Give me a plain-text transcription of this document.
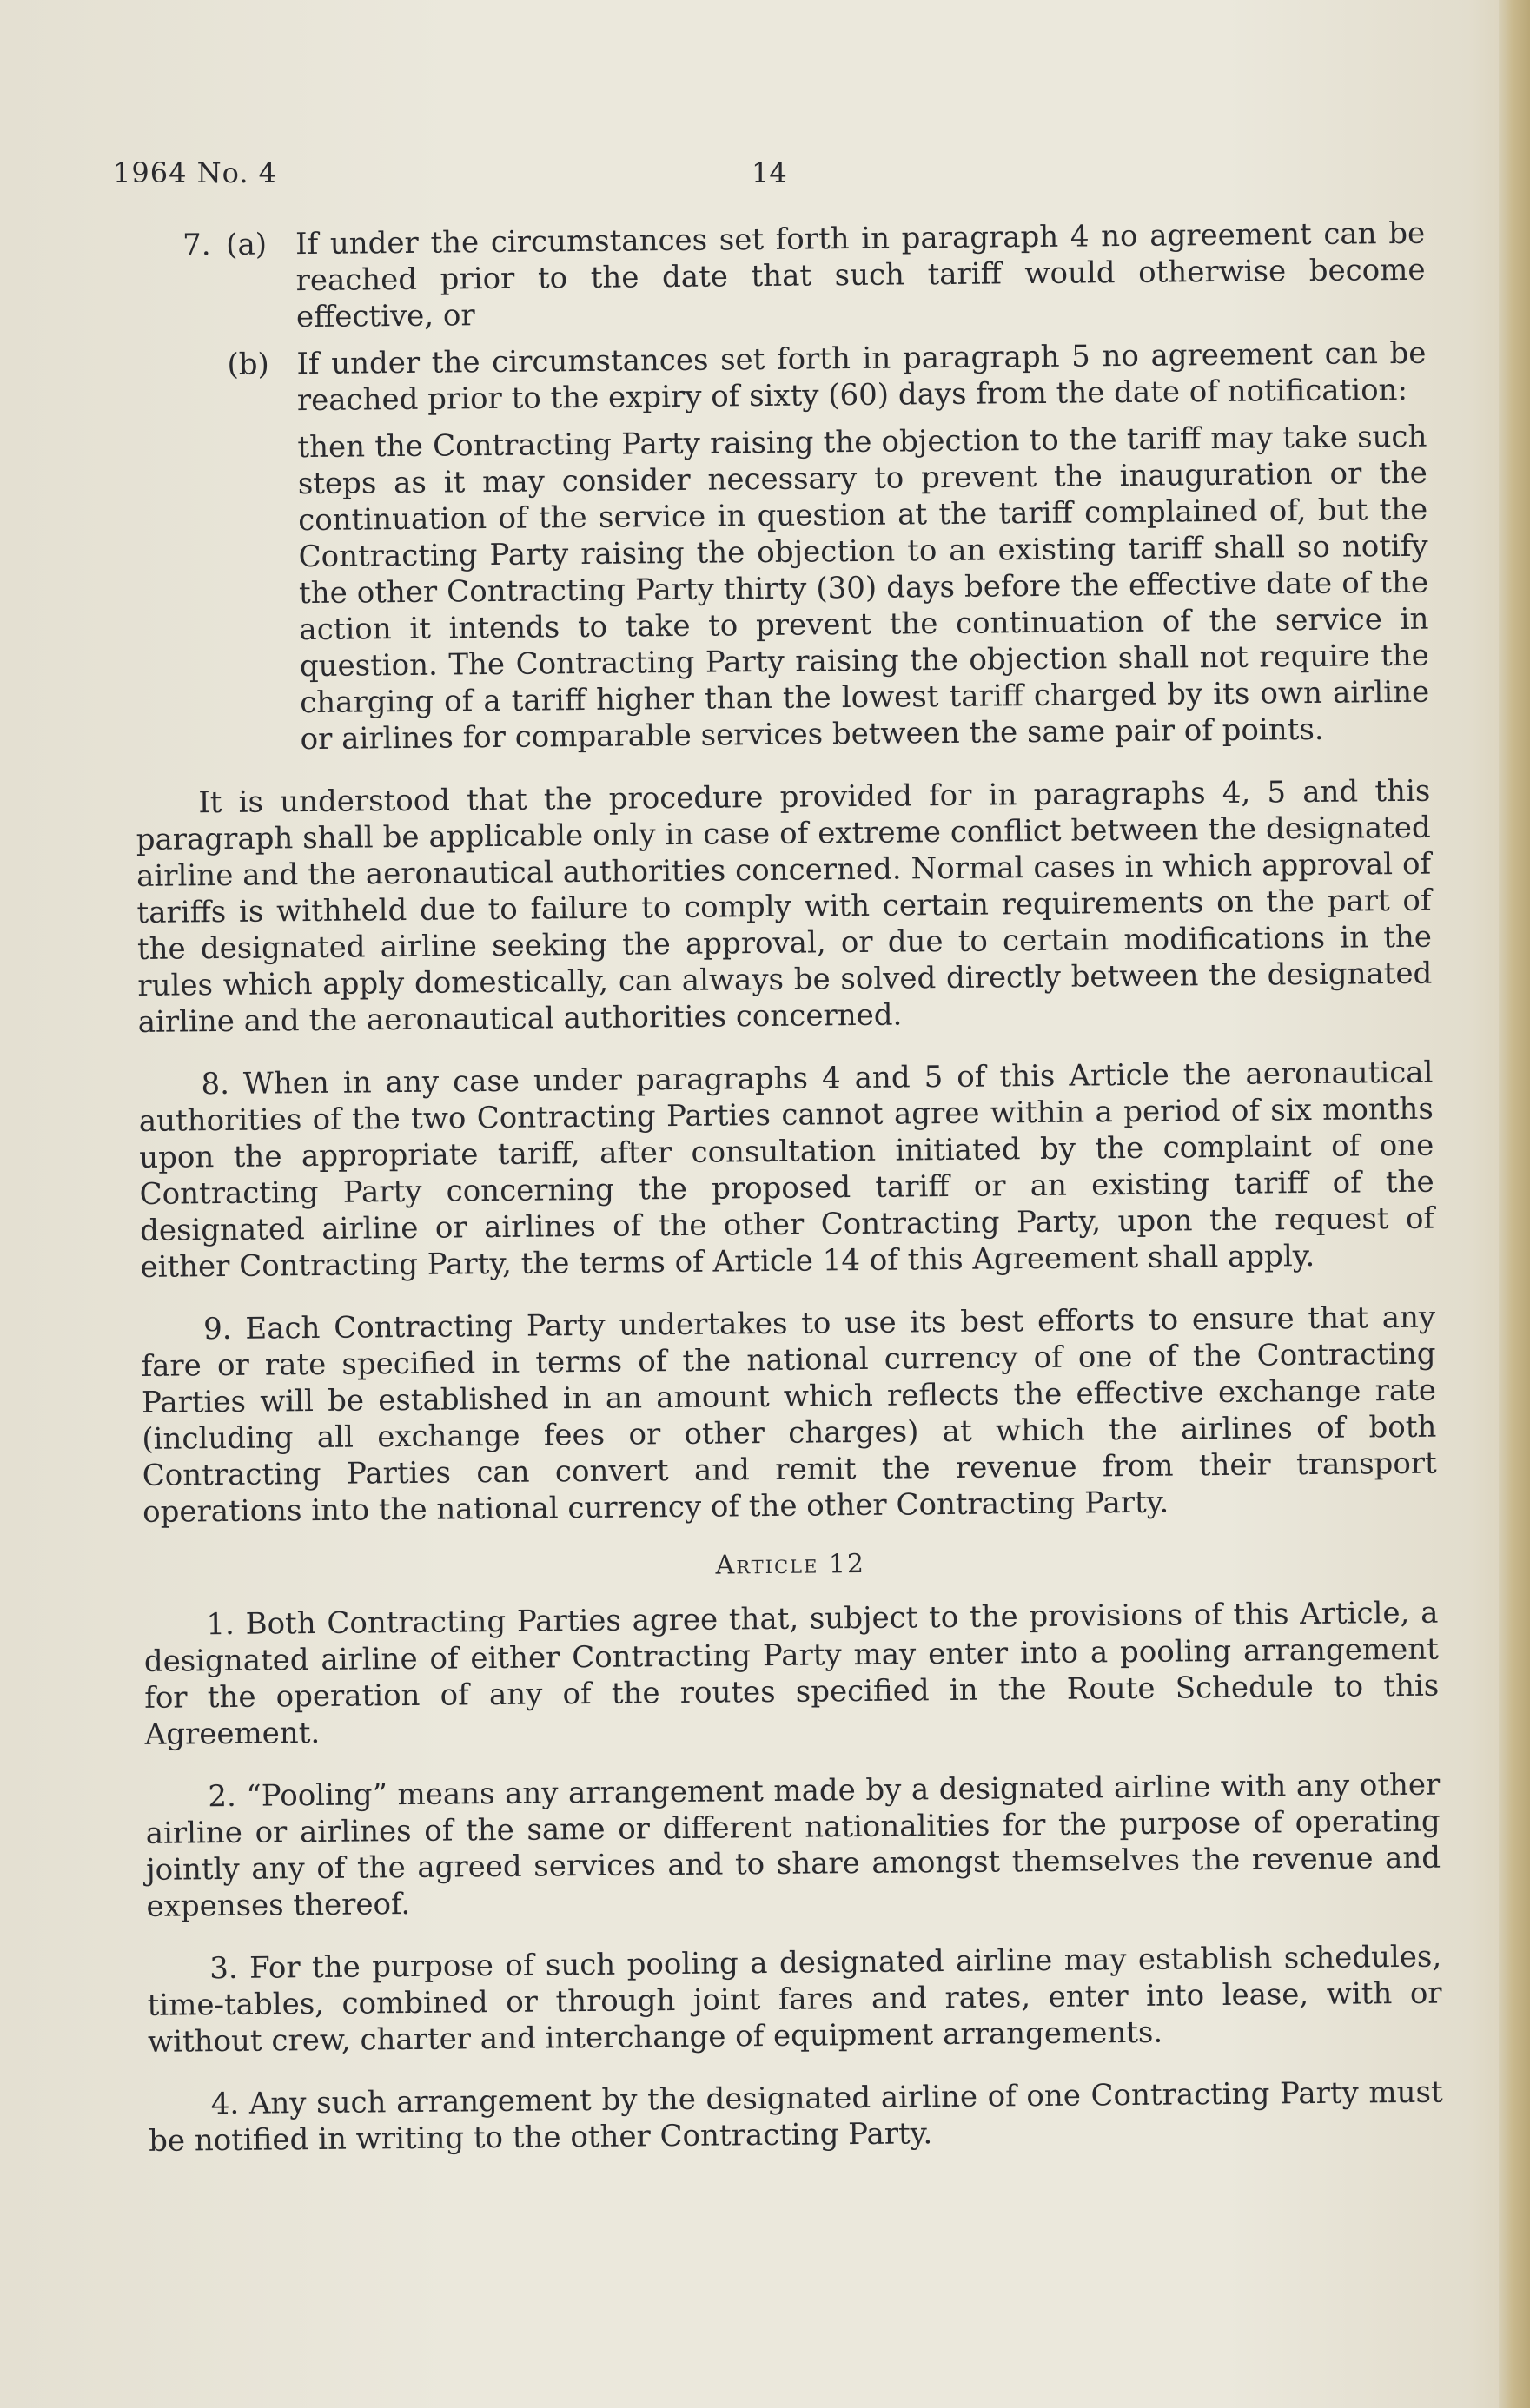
1964 No. 4	14
7. (a) If under the circumstances set forth in paragraph 4 no agreement can be reached prior to the date that such tariff would otherwise become effective, or
(b) If under the circumstances set forth in paragraph 5 no agreement can be reached prior to the expiry of sixty (60) days from the date of notification:

then the Contracting Party raising the objection to the tariff may take such steps as it may consider necessary to prevent the inauguration or the continuation of the service in question at the tariff complained of, but the Contracting Party raising the objection to an existing tariff shall so notify the other Contracting Party thirty (30) days before the effective date of the action it intends to take to prevent the continuation of the service in question. The Contracting Party raising the objection shall not require the charging of a tariff higher than the lowest tariff charged by its own airline or airlines for comparable services between the same pair of points.

It is understood that the procedure provided for in paragraphs 4, 5 and this paragraph shall be applicable only in case of extreme conflict between the designated airline and the aeronautical authorities concerned. Normal cases in which approval of tariffs is withheld due to failure to comply with certain requirements on the part of the designated airline seeking the approval, or due to certain modifications in the rules which apply domestically, can always be solved directly between the designated airline and the aeronautical authorities concerned.

8. When in any case under paragraphs 4 and 5 of this Article the aeronautical authorities of the two Contracting Parties cannot agree within a period of six months upon the appropriate tariff, after consultation initiated by the complaint of one Contracting Party concerning the proposed tariff or an existing tariff of the designated airline or airlines of the other Contracting Party, upon the request of either Contracting Party, the terms of Article 14 of this Agreement shall apply.

9. Each Contracting Party undertakes to use its best efforts to ensure that any fare or rate specified in terms of the national currency of one of the Contracting Parties will be established in an amount which reflects the effective exchange rate (including all exchange fees or other charges) at which the airlines of both Contracting Parties can convert and remit the revenue from their transport operations into the national currency of the other Contracting Party.

Article 12

1. Both Contracting Parties agree that, subject to the provisions of this Article, a designated airline of either Contracting Party may enter into a pooling arrangement for the operation of any of the routes specified in the Route Schedule to this Agreement.

2. “Pooling” means any arrangement made by a designated airline with any other airline or airlines of the same or different nationalities for the purpose of operating jointly any of the agreed services and to share amongst themselves the revenue and expenses thereof.

3. For the purpose of such pooling a designated airline may establish schedules, time-tables, combined or through joint fares and rates, enter into lease, with or without crew, charter and interchange of equipment arrangements.

4. Any such arrangement by the designated airline of one Contracting Party must be notified in writing to the other Contracting Party.
